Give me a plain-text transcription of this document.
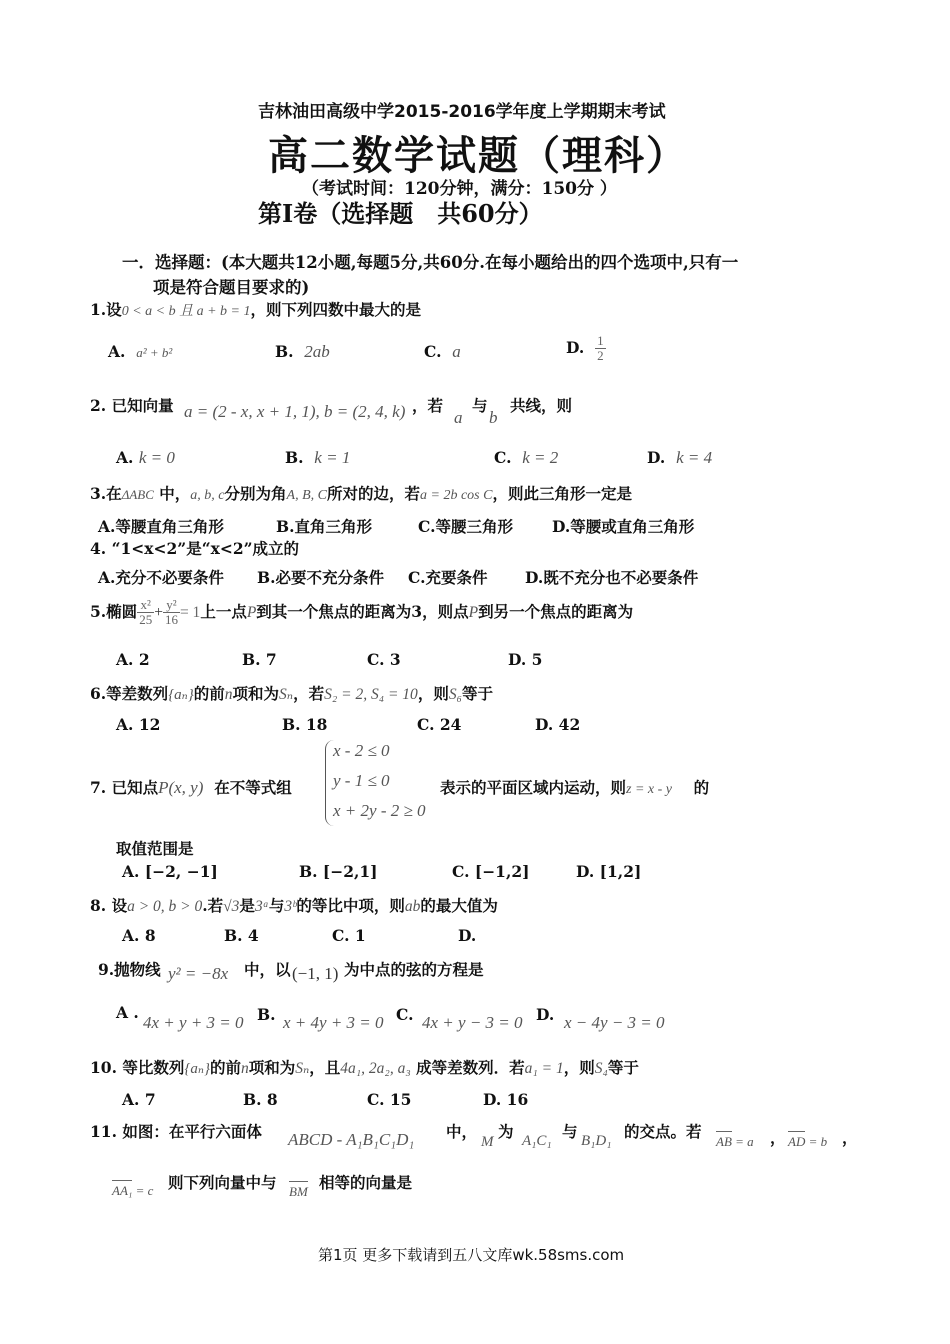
吉林油田高级中学2015-2016学年度上学期期末考试
高二数学试题（理科）
（考试时间：120分钟，满分：150分 ）
第Ⅰ卷（选择题　共60分）
一．选择题：(本大题共12小题,每题5分,共60分.在每小题给出的四个选项中,只有一
项是符合题目要求的)
1.设0 < a < b 且 a + b = 1，则下列四数中最大的是
A. a² + b²	B. 2ab	C. a	D. $\frac{1}{2}$
2. 已知向量 a = (2 - x, x + 1, 1), b = (2, 4, k) ，若
a
与
b
共线，则
A. k = 0	B. k = 1	C. k = 2	D. k = 4
3.在ΔABC 中，a, b, c分别为角A, B, C所对的边，若a = 2b cos C，则此三角形一定是
A.等腰直角三角形	B.直角三角形	C.等腰三角形	D.等腰或直角三角形
4. “1<x<2”是“x<2”成立的
A.充分不必要条件 B.必要不充分条件 C.充要条件 D.既不充分也不必要条件
5.椭圆 $\frac{\text{x²}}{25} + \frac{\text{y²}}{16} = 1$上一点P到其一个焦点的距离为3，则点P到另一个焦点的距离为
A. 2	B. 7	C. 3	D. 5
6.等差数列{aₙ}的前n项和为Sₙ，若S₂ = 2, S₄ = 10，则S₆等于
A. 12	B. 18	C. 24	D. 42
7. 已知点P(x, y) 在不等式组
x - 2 ≤ 0
y - 1 ≤ 0
x + 2y - 2 ≥ 0
表示的平面区域内运动，则z = x - y 的
取值范围是
A. [−2, −1]	B. [−2,1]	C. [−1,2]	D. [1,2]
8. 设a > 0, b > 0.若√3是3ᵃ与3ᵇ的等比中项，则ab的最大值为
A. 8	B. 4	C. 1	D.
9.抛物线 y² = −8x 中，以 (−1, 1) 为中点的弦的方程是
A .
4x + y + 3 = 0 B. x + 4y + 3 = 0 C. 4x + y − 3 = 0 D. x − 4y − 3 = 0
10. 等比数列{aₙ}的前n项和为Sₙ，且4a₁, 2a₂, a₃ 成等差数列．若a₁ = 1，则S₄等于
A. 7	B. 8	C. 15	D. 16
11. 如图：在平行六面体 ABCD - A₁B₁C₁D₁ 中，
M
为 A₁C₁ 与 B₁D₁ 的交点。若
AB = a ， AD = b ，
AA₁ = c 则下列向量中与 BM 相等的向量是
第1页 更多下载请到五八文库wk.58sms.com
